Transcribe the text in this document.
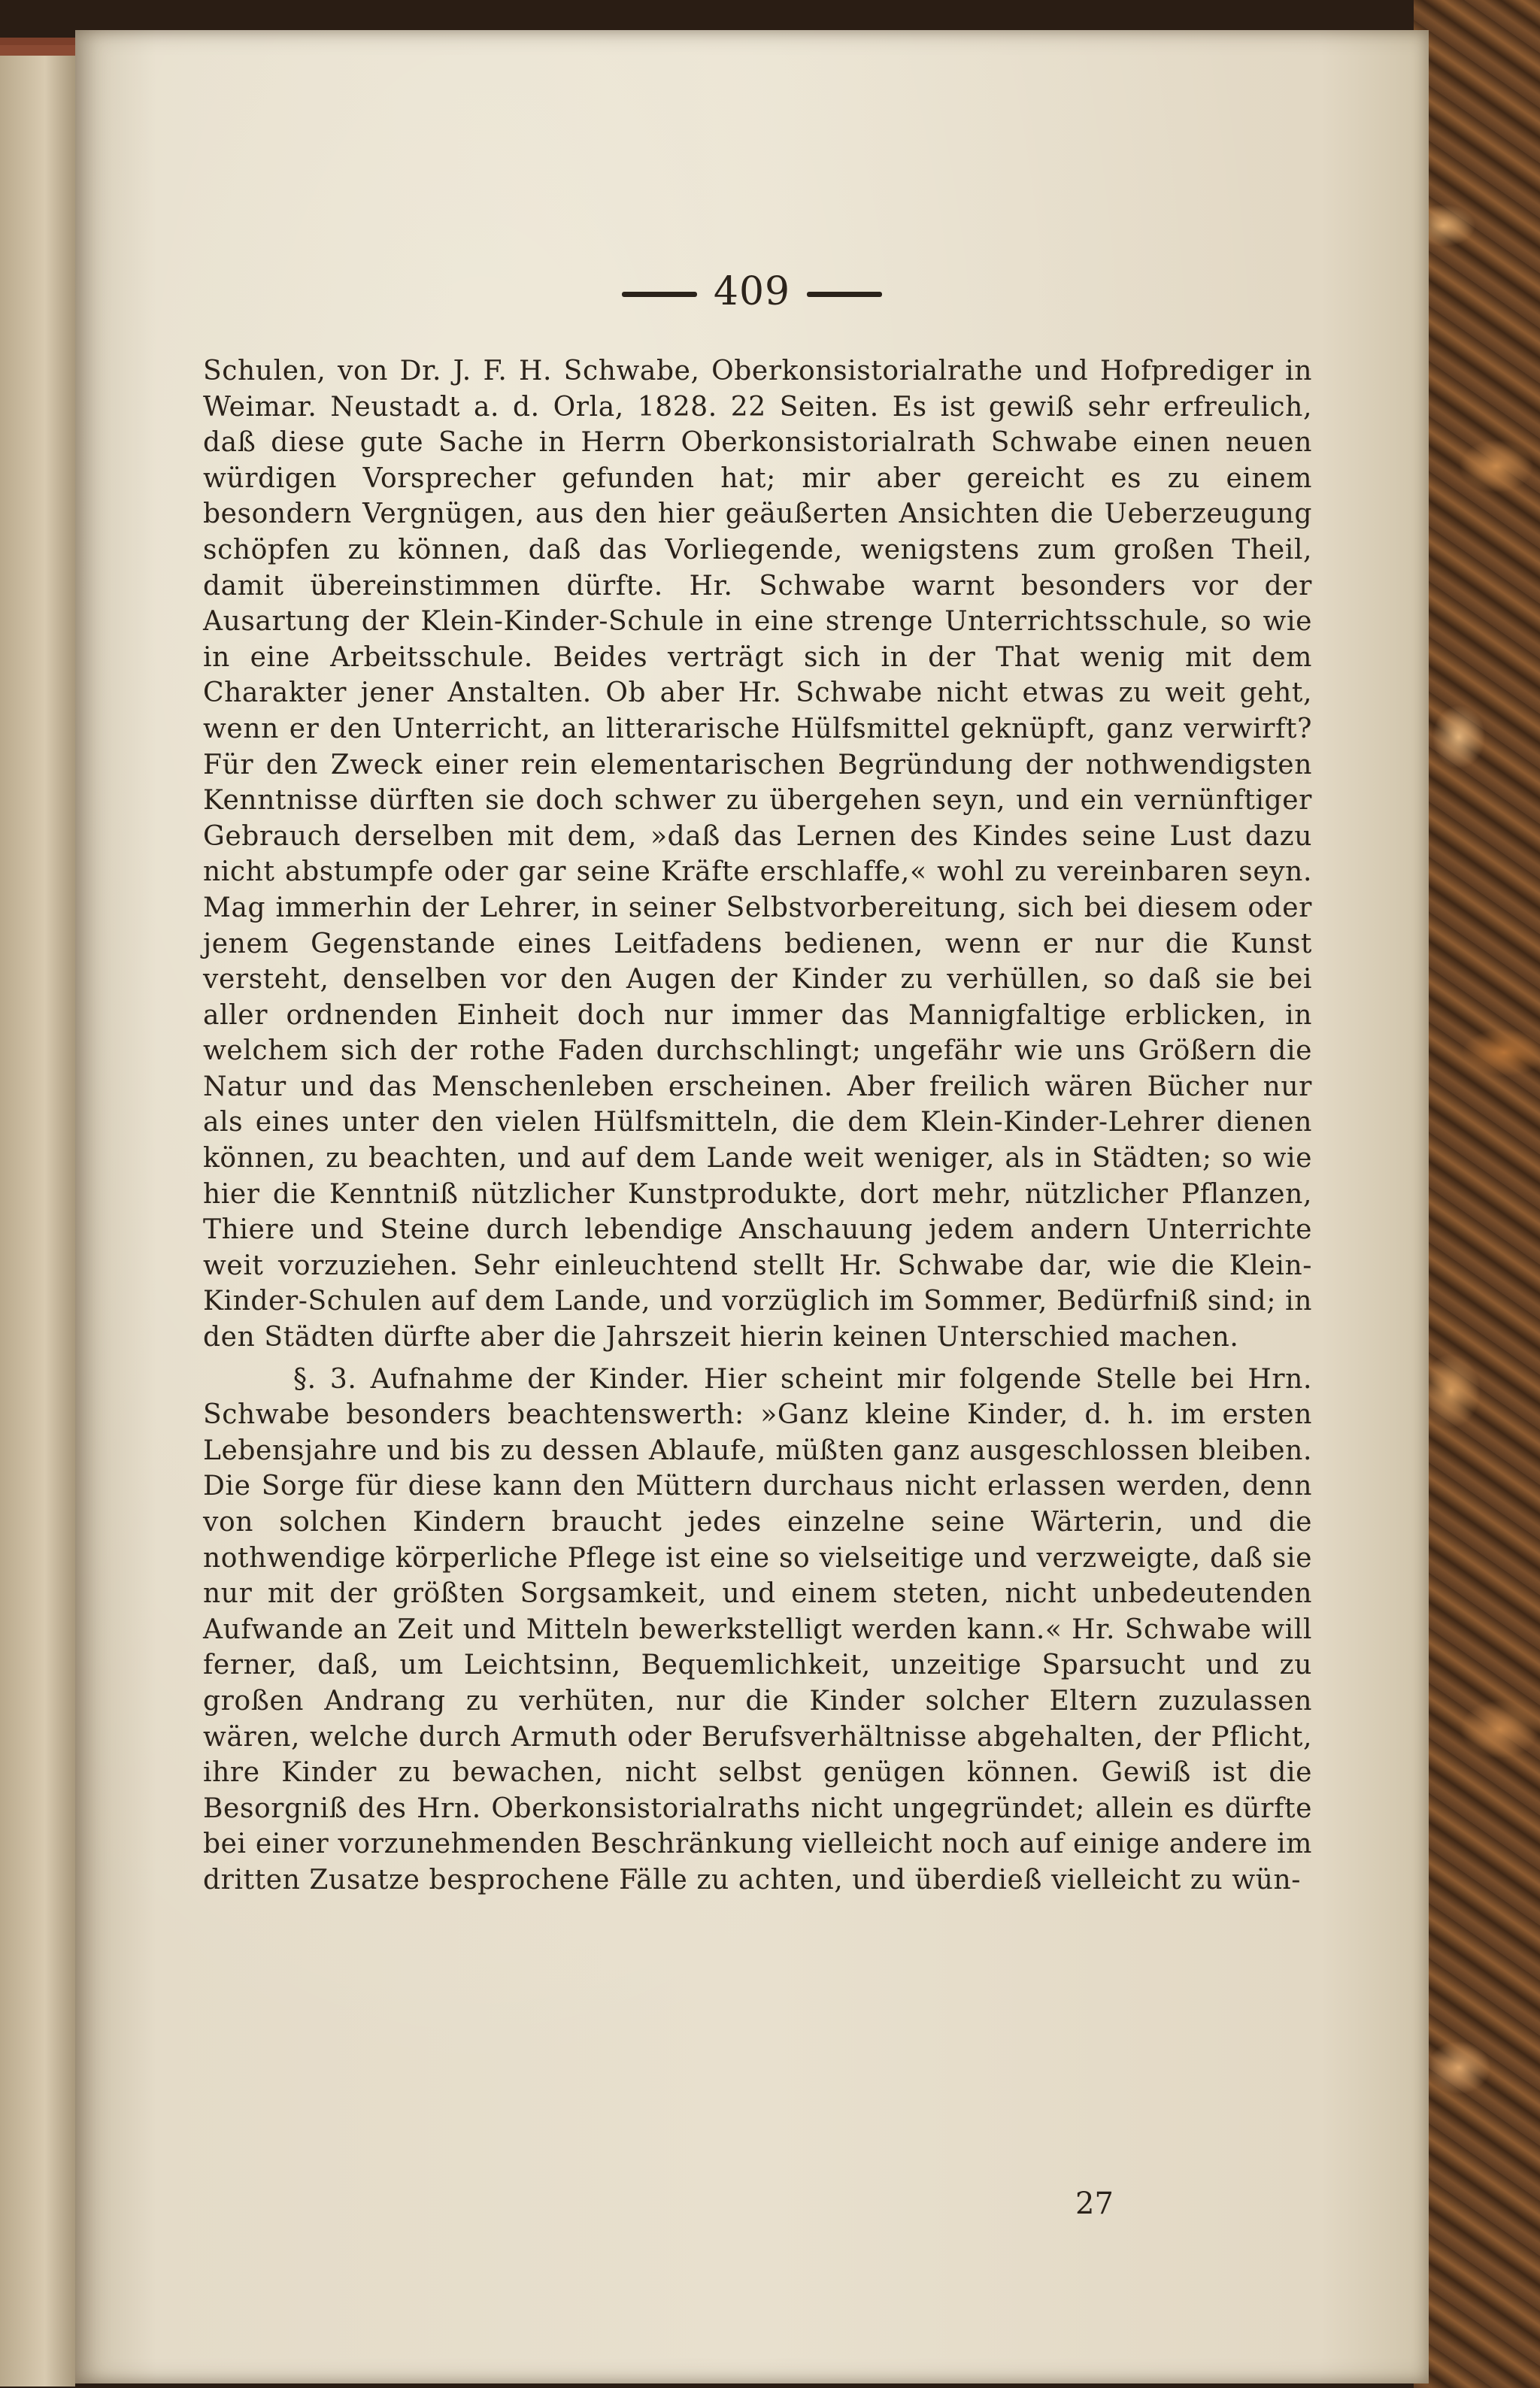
409

Schulen, von Dr. J. F. H. Schwabe, Oberkonsistorialrathe und Hofprediger in Weimar. Neustadt a. d. Orla, 1828. 22 Seiten. Es ist gewiß sehr erfreulich, daß diese gute Sache in Herrn Oberkonsistorialrath Schwabe einen neuen würdigen Vorsprecher gefunden hat; mir aber gereicht es zu einem besondern Vergnügen, aus den hier geäußerten Ansichten die Ueberzeugung schöpfen zu können, daß das Vorliegende, wenigstens zum großen Theil, damit übereinstimmen dürfte. Hr. Schwabe warnt besonders vor der Ausartung der Klein-Kinder-Schule in eine strenge Unterrichtsschule, so wie in eine Arbeitsschule. Beides verträgt sich in der That wenig mit dem Charakter jener Anstalten. Ob aber Hr. Schwabe nicht etwas zu weit geht, wenn er den Unterricht, an litterarische Hülfsmittel geknüpft, ganz verwirft? Für den Zweck einer rein elementarischen Begründung der nothwendigsten Kenntnisse dürften sie doch schwer zu übergehen seyn, und ein vernünftiger Gebrauch derselben mit dem, »daß das Lernen des Kindes seine Lust dazu nicht abstumpfe oder gar seine Kräfte erschlaffe,« wohl zu vereinbaren seyn. Mag immerhin der Lehrer, in seiner Selbstvorbereitung, sich bei diesem oder jenem Gegenstande eines Leitfadens bedienen, wenn er nur die Kunst versteht, denselben vor den Augen der Kinder zu verhüllen, so daß sie bei aller ordnenden Einheit doch nur immer das Mannigfaltige erblicken, in welchem sich der rothe Faden durchschlingt; ungefähr wie uns Größern die Natur und das Menschenleben erscheinen. Aber freilich wären Bücher nur als eines unter den vielen Hülfsmitteln, die dem Klein-Kinder-Lehrer dienen können, zu beachten, und auf dem Lande weit weniger, als in Städten; so wie hier die Kenntniß nützlicher Kunstprodukte, dort mehr, nützlicher Pflanzen, Thiere und Steine durch lebendige Anschauung jedem andern Unterrichte weit vorzuziehen. Sehr einleuchtend stellt Hr. Schwabe dar, wie die Klein-Kinder-Schulen auf dem Lande, und vorzüglich im Sommer, Bedürfniß sind; in den Städten dürfte aber die Jahrszeit hierin keinen Unterschied machen.

§. 3. Aufnahme der Kinder. Hier scheint mir folgende Stelle bei Hrn. Schwabe besonders beachtenswerth: »Ganz kleine Kinder, d. h. im ersten Lebensjahre und bis zu dessen Ablaufe, müßten ganz ausgeschlossen bleiben. Die Sorge für diese kann den Müttern durchaus nicht erlassen werden, denn von solchen Kindern braucht jedes einzelne seine Wärterin, und die nothwendige körperliche Pflege ist eine so vielseitige und verzweigte, daß sie nur mit der größten Sorgsamkeit, und einem steten, nicht unbedeutenden Aufwande an Zeit und Mitteln bewerkstelligt werden kann.« Hr. Schwabe will ferner, daß, um Leichtsinn, Bequemlichkeit, unzeitige Sparsucht und zu großen Andrang zu verhüten, nur die Kinder solcher Eltern zuzulassen wären, welche durch Armuth oder Berufsverhältnisse abgehalten, der Pflicht, ihre Kinder zu bewachen, nicht selbst genügen können. Gewiß ist die Besorgniß des Hrn. Oberkonsistorialraths nicht ungegründet; allein es dürfte bei einer vorzunehmenden Beschränkung vielleicht noch auf einige andere im dritten Zusatze besprochene Fälle zu achten, und überdieß vielleicht zu wün-

27
